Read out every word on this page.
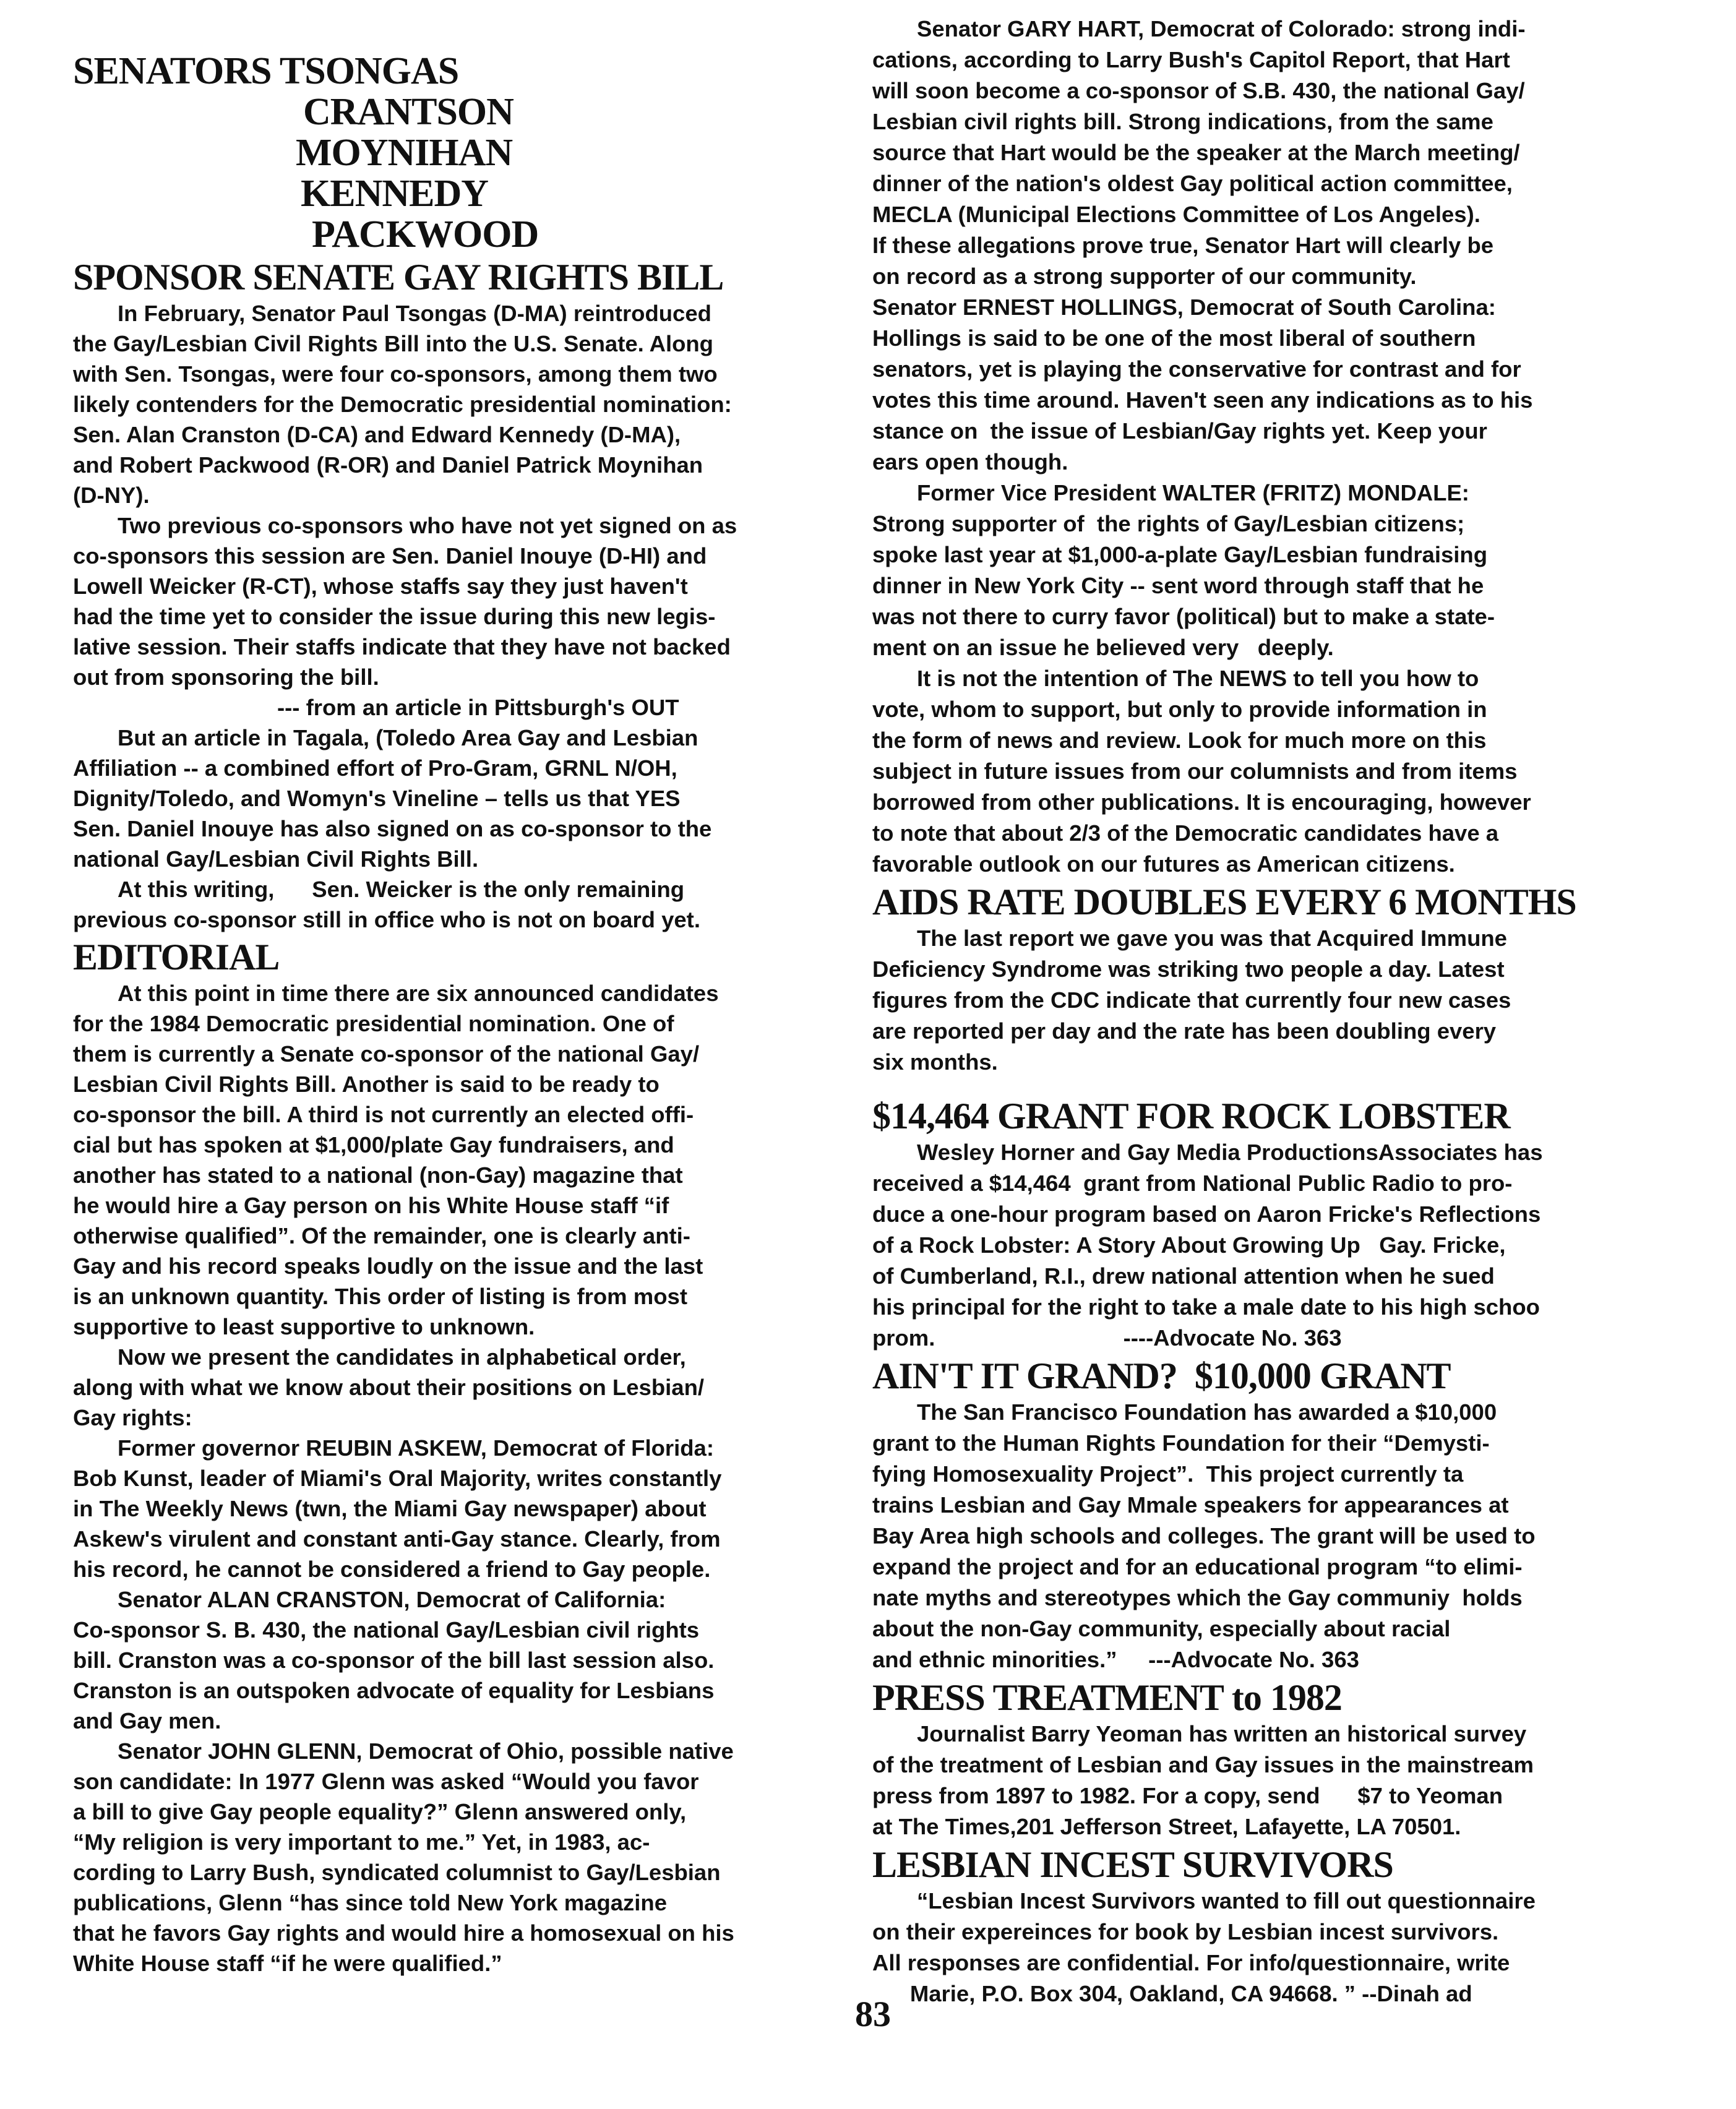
SENATORS TSONGAS
CRANTSON
MOYNIHAN
KENNEDY
PACKWOOD
SPONSOR SENATE GAY RIGHTS BILL
In February, Senator Paul Tsongas (D-MA) reintroduced
the Gay/Lesbian Civil Rights Bill into the U.S. Senate. Along
with Sen. Tsongas, were four co-sponsors, among them two
likely contenders for the Democratic presidential nomination:
Sen. Alan Cranston (D-CA) and Edward Kennedy (D-MA),
and Robert Packwood (R-OR) and Daniel Patrick Moynihan
(D-NY).
Two previous co-sponsors who have not yet signed on as
co-sponsors this session are Sen. Daniel Inouye (D-HI) and
Lowell Weicker (R-CT), whose staffs say they just haven't
had the time yet to consider the issue during this new legis-
lative session. Their staffs indicate that they have not backed
out from sponsoring the bill.
--- from an article in Pittsburgh's OUT
But an article in Tagala, (Toledo Area Gay and Lesbian
Affiliation -- a combined effort of Pro-Gram, GRNL N/OH,
Dignity/Toledo, and Womyn's Vineline – tells us that YES
Sen. Daniel Inouye has also signed on as co-sponsor to the
national Gay/Lesbian Civil Rights Bill.
At this writing,      Sen. Weicker is the only remaining
previous co-sponsor still in office who is not on board yet.
EDITORIAL
At this point in time there are six announced candidates
for the 1984 Democratic presidential nomination. One of
them is currently a Senate co-sponsor of the national Gay/
Lesbian Civil Rights Bill. Another is said to be ready to
co-sponsor the bill. A third is not currently an elected offi-
cial but has spoken at $1,000/plate Gay fundraisers, and
another has stated to a national (non-Gay) magazine that
he would hire a Gay person on his White House staff “if
otherwise qualified”. Of the remainder, one is clearly anti-
Gay and his record speaks loudly on the issue and the last
is an unknown quantity. This order of listing is from most
supportive to least supportive to unknown.
Now we present the candidates in alphabetical order,
along with what we know about their positions on Lesbian/
Gay rights:
Former governor REUBIN ASKEW, Democrat of Florida:
Bob Kunst, leader of Miami's Oral Majority, writes constantly
in The Weekly News (twn, the Miami Gay newspaper) about
Askew's virulent and constant anti-Gay stance. Clearly, from
his record, he cannot be considered a friend to Gay people.
Senator ALAN CRANSTON, Democrat of California:
Co-sponsor S. B. 430, the national Gay/Lesbian civil rights
bill. Cranston was a co-sponsor of the bill last session also.
Cranston is an outspoken advocate of equality for Lesbians
and Gay men.
Senator JOHN GLENN, Democrat of Ohio, possible native
son candidate: In 1977 Glenn was asked “Would you favor
a bill to give Gay people equality?” Glenn answered only,
“My religion is very important to me.” Yet, in 1983, ac-
cording to Larry Bush, syndicated columnist to Gay/Lesbian
publications, Glenn “has since told New York magazine
that he favors Gay rights and would hire a homosexual on his
White House staff “if he were qualified.”
Senator GARY HART, Democrat of Colorado: strong indi-
cations, according to Larry Bush's Capitol Report, that Hart
will soon become a co-sponsor of S.B. 430, the national Gay/
Lesbian civil rights bill. Strong indications, from the same
source that Hart would be the speaker at the March meeting/
dinner of the nation's oldest Gay political action committee,
MECLA (Municipal Elections Committee of Los Angeles).
If these allegations prove true, Senator Hart will clearly be
on record as a strong supporter of our community.
Senator ERNEST HOLLINGS, Democrat of South Carolina:
Hollings is said to be one of the most liberal of southern
senators, yet is playing the conservative for contrast and for
votes this time around. Haven't seen any indications as to his
stance on  the issue of Lesbian/Gay rights yet. Keep your
ears open though.
Former Vice President WALTER (FRITZ) MONDALE:
Strong supporter of  the rights of Gay/Lesbian citizens;
spoke last year at $1,000-a-plate Gay/Lesbian fundraising
dinner in New York City -- sent word through staff that he
was not there to curry favor (political) but to make a state-
ment on an issue he believed very   deeply.
It is not the intention of The NEWS to tell you how to
vote, whom to support, but only to provide information in
the form of news and review. Look for much more on this
subject in future issues from our columnists and from items
borrowed from other publications. It is encouraging, however
to note that about 2/3 of the Democratic candidates have a
favorable outlook on our futures as American citizens.
AIDS RATE DOUBLES EVERY 6 MONTHS
The last report we gave you was that Acquired Immune
Deficiency Syndrome was striking two people a day. Latest
figures from the CDC indicate that currently four new cases
are reported per day and the rate has been doubling every
six months.
$14,464 GRANT FOR ROCK LOBSTER
Wesley Horner and Gay Media ProductionsAssociates has
received a $14,464  grant from National Public Radio to pro-
duce a one-hour program based on Aaron Fricke's Reflections
of a Rock Lobster: A Story About Growing Up   Gay. Fricke,
of Cumberland, R.I., drew national attention when he sued
his principal for the right to take a male date to his high schoo
prom.                              ----Advocate No. 363
AIN'T IT GRAND?  $10,000 GRANT
The San Francisco Foundation has awarded a $10,000
grant to the Human Rights Foundation for their “Demysti-
fying Homosexuality Project”.  This project currently ta
trains Lesbian and Gay Mmale speakers for appearances at
Bay Area high schools and colleges. The grant will be used to
expand the project and for an educational program “to elimi-
nate myths and stereotypes which the Gay communiy  holds
about the non-Gay community, especially about racial
and ethnic minorities.”     ---Advocate No. 363
PRESS TREATMENT to 1982
Journalist Barry Yeoman has written an historical survey
of the treatment of Lesbian and Gay issues in the mainstream
press from 1897 to 1982. For a copy, send      $7 to Yeoman
at The Times,201 Jefferson Street, Lafayette, LA 70501.
LESBIAN INCEST SURVIVORS
“Lesbian Incest Survivors wanted to fill out questionnaire
on their expereinces for book by Lesbian incest survivors.
All responses are confidential. For info/questionnaire, write
Marie, P.O. Box 304, Oakland, CA 94668. ” --Dinah ad
83
